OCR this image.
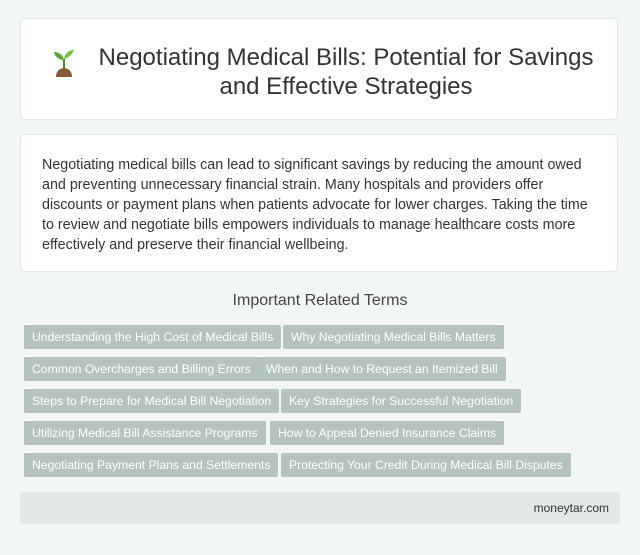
Negotiating Medical Bills: Potential for Savings and Effective Strategies

Negotiating medical bills can lead to significant savings by reducing the amount owed and preventing unnecessary financial strain. Many hospitals and providers offer discounts or payment plans when patients advocate for lower charges. Taking the time to review and negotiate bills empowers individuals to manage healthcare costs more effectively and preserve their financial wellbeing.

Important Related Terms
Understanding the High Cost of Medical Bills	Why Negotiating Medical Bills Matters
Common Overcharges and Billing Errors	When and How to Request an Itemized Bill
Steps to Prepare for Medical Bill Negotiation	Key Strategies for Successful Negotiation
Utilizing Medical Bill Assistance Programs	How to Appeal Denied Insurance Claims
Negotiating Payment Plans and Settlements	Protecting Your Credit During Medical Bill Disputes
moneytar.com
